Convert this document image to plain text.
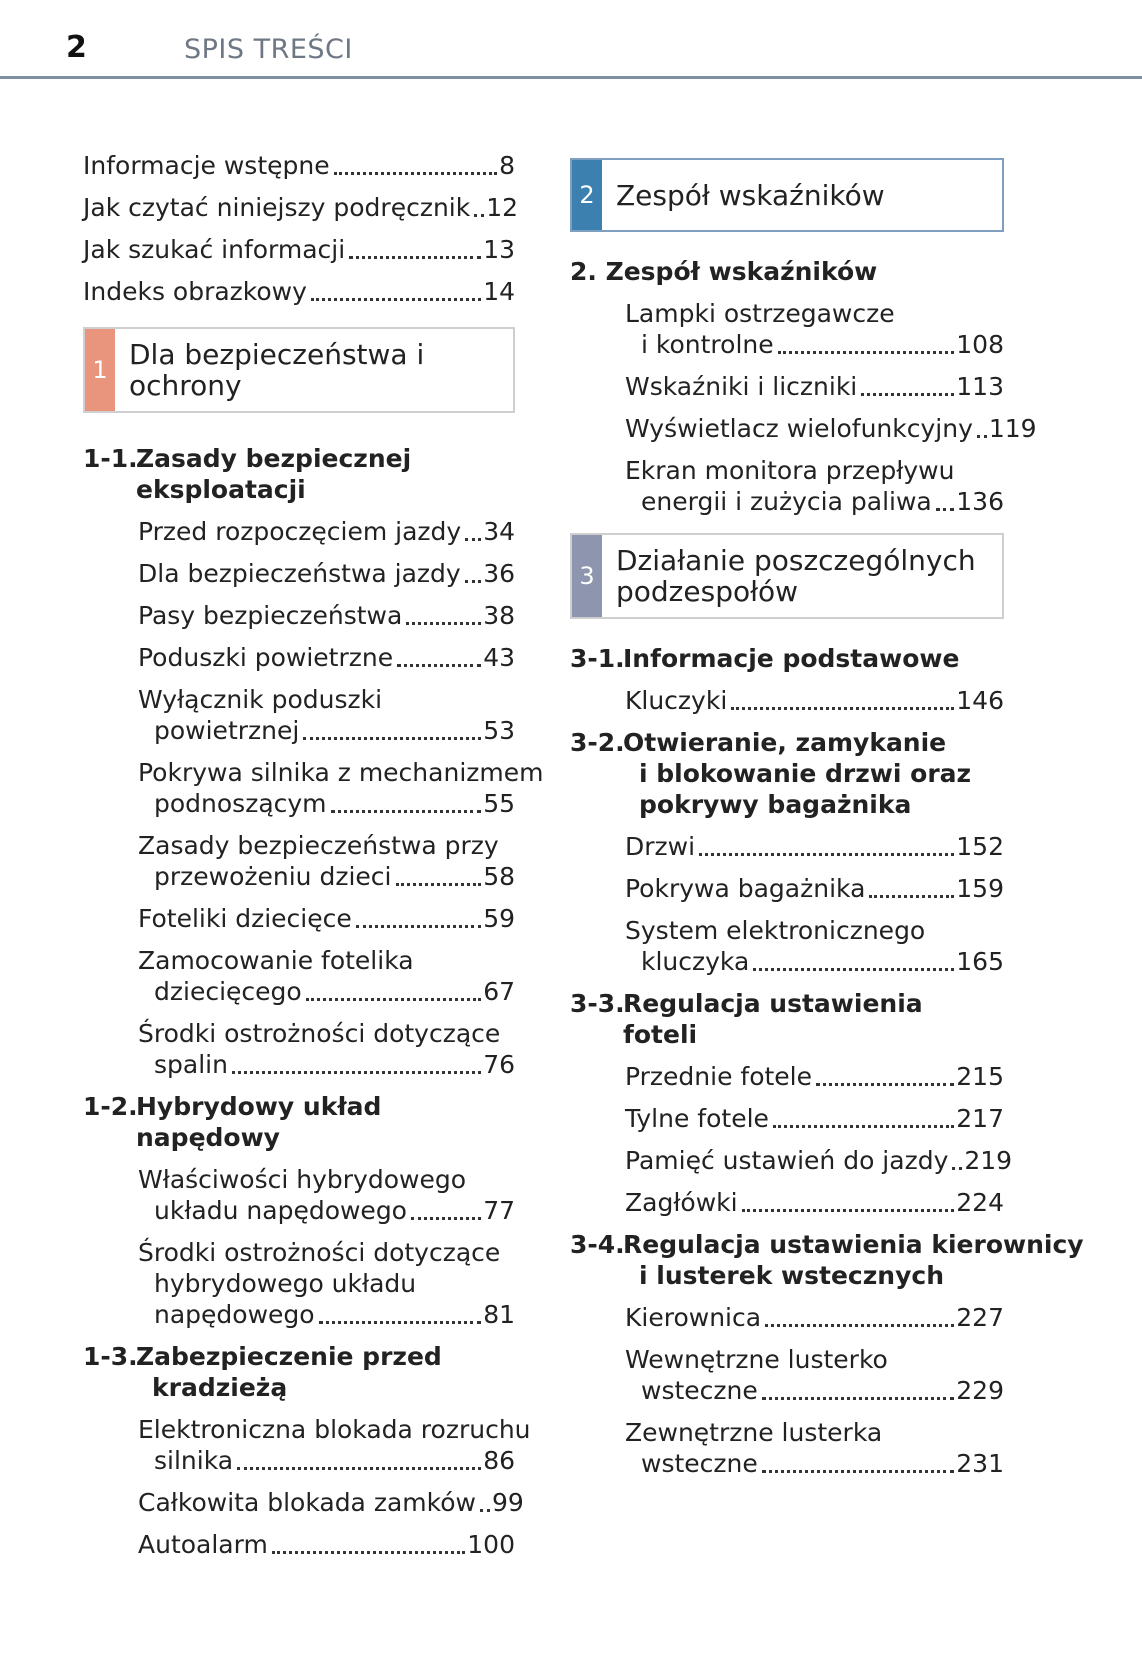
2	SPIS TREŚCI
Informacje wstępne	8
Jak czytać niniejszy podręcznik 12
Jak szukać informacji	13
Indeks obrazkowy	14
1 Dla bezpieczeństwa i ochrony
1-1.
Zasady bezpiecznej eksploatacji
Przed rozpoczęciem jazdy 34
Dla bezpieczeństwa jazdy 36
Pasy bezpieczeństwa	38
Poduszki powietrzne	43
Wyłącznik poduszki
powietrznej	53
Pokrywa silnika z mechanizmem
podnoszącym	55
Zasady bezpieczeństwa przy
przewożeniu dzieci	58
Foteliki dziecięce	59
Zamocowanie fotelika
dziecięcego	67
Środki ostrożności dotyczące
spalin	76
1-2.
Hybrydowy układ napędowy
Właściwości hybrydowego
układu napędowego	77
Środki ostrożności dotyczące
hybrydowego układu
napędowego	81
1-3.
Zabezpieczenie przed
kradzieżą
Elektroniczna blokada rozruchu
silnika	86
Całkowita blokada zamków 99
Autoalarm	100
2 Zespół wskaźników
2. Zespół wskaźników
Lampki ostrzegawcze
i kontrolne	108
Wskaźniki i liczniki	113
Wyświetlacz wielofunkcyjny 119
Ekran monitora przepływu
energii i zużycia paliwa 136
3 Działanie poszczególnych
podzespołów
3-1.
Informacje podstawowe
Kluczyki	146
3-2.
Otwieranie, zamykanie
i blokowanie drzwi oraz
pokrywy bagażnika
Drzwi	152
Pokrywa bagażnika	159
System elektronicznego
kluczyka	165
3-3.
Regulacja ustawienia foteli
Przednie fotele	215
Tylne fotele	217
Pamięć ustawień do jazdy 219
Zagłówki	224
3-4.
Regulacja ustawienia kierownicy
i lusterek wstecznych
Kierownica	227
Wewnętrzne lusterko
wsteczne	229
Zewnętrzne lusterka
wsteczne	231
